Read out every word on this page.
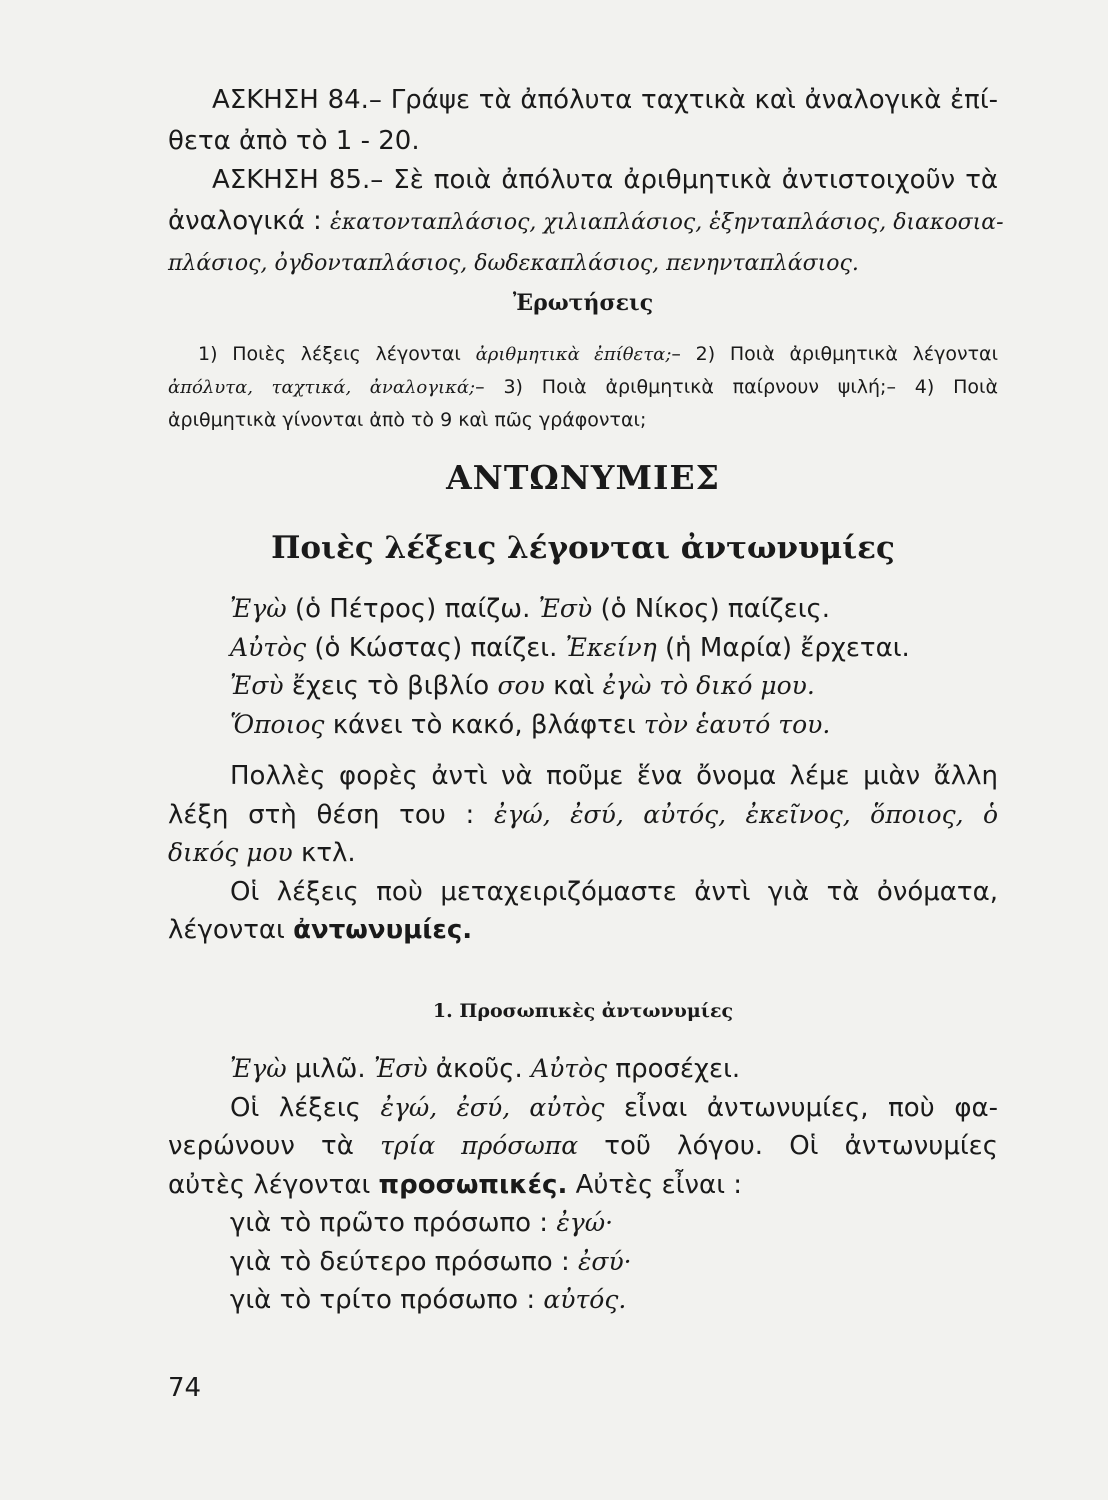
ΑΣΚΗΣΗ 84.– Γράψε τὰ ἀπόλυτα ταχτικὰ καὶ ἀναλογικὰ ἐπί-
θετα ἀπὸ τὸ 1 - 20.
ΑΣΚΗΣΗ 85.– Σὲ ποιὰ ἀπόλυτα ἀριθμητικὰ ἀντιστοιχοῦν τὰ
ἀναλογικά : ἑκατονταπλάσιος, χιλιαπλάσιος, ἑξηνταπλάσιος, διακοσια-
πλάσιος, ὀγδονταπλάσιος, δωδεκαπλάσιος, πενηνταπλάσιος.
Ἐρωτήσεις
1) Ποιὲς λέξεις λέγονται ἀριθμητικὰ ἐπίθετα;– 2) Ποιὰ ἀριθμητικὰ λέγονται
ἀπόλυτα, ταχτικά, ἀναλογικά;– 3) Ποιὰ ἀριθμητικὰ παίρνουν ψιλή;– 4) Ποιὰ
ἀριθμητικὰ γίνονται ἀπὸ τὸ 9 καὶ πῶς γράφονται;
ΑΝΤΩΝΥΜΙΕΣ
Ποιὲς λέξεις λέγονται ἀντωνυμίες
Ἐγὼ (ὁ Πέτρος) παίζω. Ἐσὺ (ὁ Νίκος) παίζεις.
Αὐτὸς (ὁ Κώστας) παίζει. Ἐκείνη (ἡ Μαρία) ἔρχεται.
Ἐσὺ ἔχεις τὸ βιβλίο σου καὶ ἐγὼ τὸ δικό μου.
Ὅποιος κάνει τὸ κακό, βλάφτει τὸν ἑαυτό του.
Πολλὲς φορὲς ἀντὶ νὰ ποῦμε ἕνα ὄνομα λέμε μιὰν ἄλλη
λέξη στὴ θέση του : ἐγώ, ἐσύ, αὐτός, ἐκεῖνος, ὅποιος, ὁ
δικός μου κτλ.
Οἱ λέξεις ποὺ μεταχειριζόμαστε ἀντὶ γιὰ τὰ ὀνόματα,
λέγονται ἀντωνυμίες.
1. Προσωπικὲς ἀντωνυμίες
Ἐγὼ μιλῶ. Ἐσὺ ἀκοῦς. Αὐτὸς προσέχει.
Οἱ λέξεις ἐγώ, ἐσύ, αὐτὸς εἶναι ἀντωνυμίες, ποὺ φα-
νερώνουν τὰ τρία πρόσωπα τοῦ λόγου. Οἱ ἀντωνυμίες
αὐτὲς λέγονται προσωπικές. Αὐτὲς εἶναι :
γιὰ τὸ πρῶτο πρόσωπο : ἐγώ·
γιὰ τὸ δεύτερο πρόσωπο : ἐσύ·
γιὰ τὸ τρίτο πρόσωπο : αὐτός.
74
